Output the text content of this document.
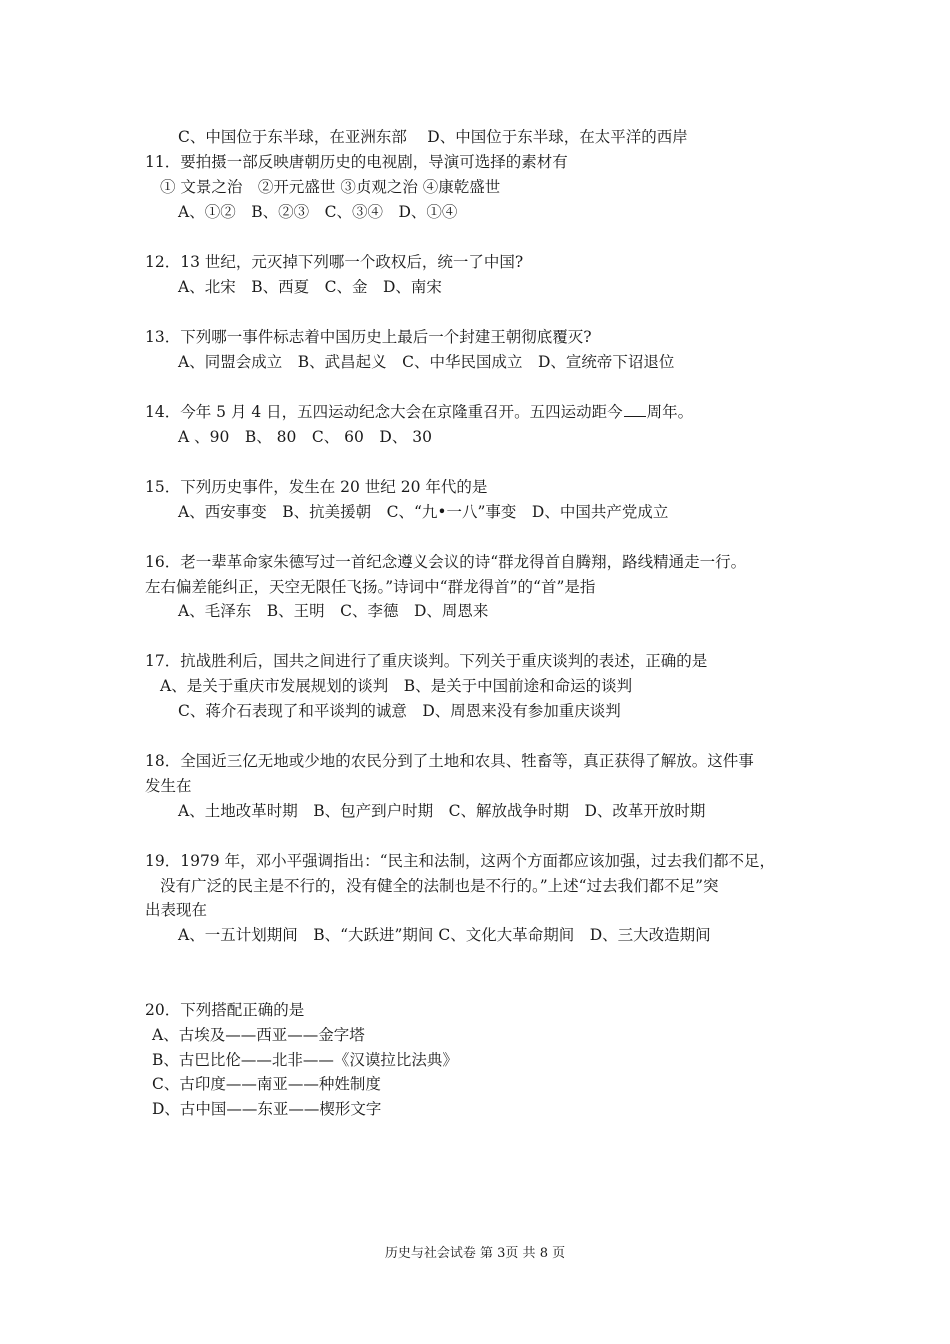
C、中国位于东半球，在亚洲东部　 D、中国位于东半球，在太平洋的西岸
11．要拍摄一部反映唐朝历史的电视剧，导演可选择的素材有
① 文景之治　②开元盛世 ③贞观之治 ④康乾盛世
A、①②　B、②③　C、③④　D、①④
12．13 世纪，元灭掉下列哪一个政权后，统一了中国?
A、北宋　B、西夏　C、金　D、南宋
13．下列哪一事件标志着中国历史上最后一个封建王朝彻底覆灭?
A、同盟会成立　B、武昌起义　C、中华民国成立　D、宣统帝下诏退位
14．今年 5 月 4 日，五四运动纪念大会在京隆重召开。五四运动距今 周年。
A 、90　B、 80　C、 60　D、 30
15．下列历史事件，发生在 20 世纪 20 年代的是
A、西安事变　B、抗美援朝　C、“九•一八”事变　D、中国共产党成立
16．老一辈革命家朱德写过一首纪念遵义会议的诗“群龙得首自腾翔，路线精通走一行。
左右偏差能纠正，天空无限任飞扬。”诗词中“群龙得首”的“首”是指
A、毛泽东　B、王明　C、李德　D、周恩来
17．抗战胜利后，国共之间进行了重庆谈判。下列关于重庆谈判的表述，正确的是
A、是关于重庆市发展规划的谈判　B、是关于中国前途和命运的谈判
C、蒋介石表现了和平谈判的诚意　D、周恩来没有参加重庆谈判
18．全国近三亿无地或少地的农民分到了土地和农具、牲畜等，真正获得了解放。这件事
发生在
A、土地改革时期　B、包产到户时期　C、解放战争时期　D、改革开放时期
19．1979 年，邓小平强调指出：“民主和法制，这两个方面都应该加强，过去我们都不足，
没有广泛的民主是不行的，没有健全的法制也是不行的。”上述“过去我们都不足”突
出表现在
A、一五计划期间　B、“大跃进”期间 C、文化大革命期间　D、三大改造期间
20．下列搭配正确的是
A、古埃及——西亚——金字塔
B、古巴比伦——北非——《汉谟拉比法典》
C、古印度——南亚——种姓制度
D、古中国——东亚——楔形文字
历史与社会试卷 第 3页 共 8 页
